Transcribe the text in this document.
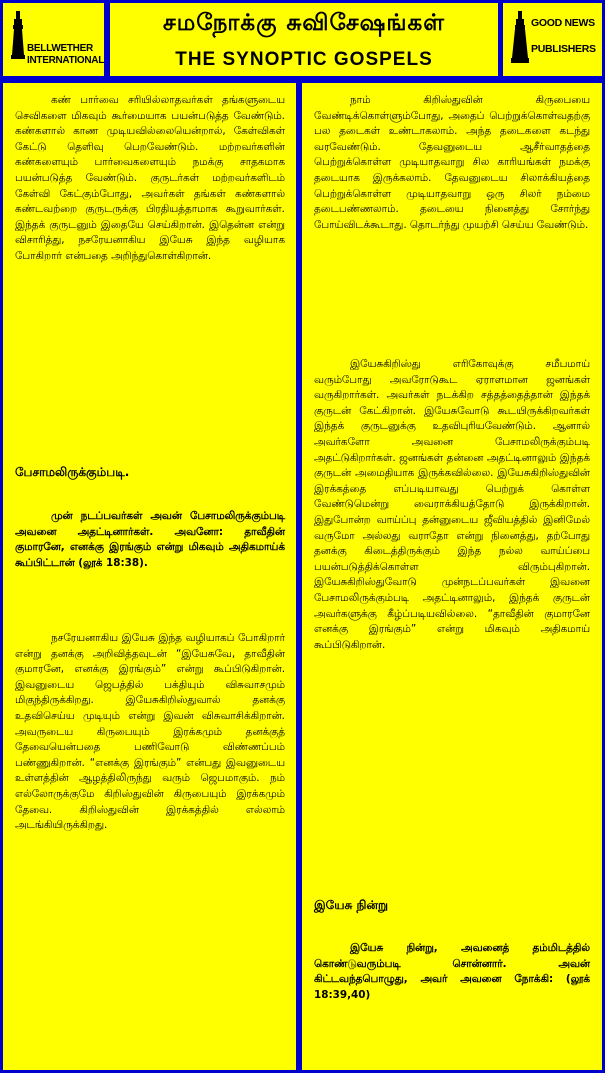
BELLWETHER
INTERNATIONAL
சமநோக்கு சுவிசேஷங்கள்
THE SYNOPTIC GOSPELS
GOOD NEWS
PUBLISHERS

கண் பார்வை சரியில்லாதவர்கள் தங்களுடைய செவிகளை மிகவும் கூர்மையாக பயன்படுத்த வேண்டும். கண்களால் காண முடியவில்லையென்றால், கேள்விகள் கேட்டு தெளிவு பெறவேண்டும். மற்றவர்களின் கண்களையும் பார்வைகளையும் நமக்கு சாதகமாக பயன்படுத்த வேண்டும். குருடர்கள் மற்றவர்களிடம் கேள்வி கேட்கும்போது, அவர்கள் தங்கள் கண்களால் கண்டவற்றை குருடருக்கு பிரதியத்தாமாக கூறுவார்கள். இந்தக் குருடனும் இதையே செய்கிறான். இதென்ன என்று விசாரித்து, நசரேயனாகிய இயேசு இந்த வழியாக போகிறார் என்பதை அறிந்துகொள்கிறான்.

பேசாமலிருக்கும்படி.

முன் நடப்பவர்கள் அவன் பேசாமலிருக்கும்படி அவனை அதட்டினார்கள். அவனோ: தாவீதின் குமாரனே, எனக்கு இரங்கும் என்று மிகவும் அதிகமாய்க் கூப்பிட்டான் (லூக் 18:38).

நசரேயனாகிய இயேசு இந்த வழியாகப் போகிறார் என்று தனக்கு அறிவித்தவுடன் “இயேசுவே, தாவீதின் குமாரனே, எனக்கு இரங்கும்” என்று கூப்பிடுகிறான். இவனுடைய ஜெபத்தில் பக்தியும் விசுவாசமும் மிகுந்திருக்கிறது. இயேசுகிறிஸ்துவால் தனக்கு உதவிசெய்ய முடியும் என்று இவன் விசுவாசிக்கிறான். அவருடைய கிருபையும் இரக்கமும் தனக்குத் தேவையென்பதை பணிவோடு விண்ணப்பம் பண்ணுகிறான். “எனக்கு இரங்கும்” என்பது இவனுடைய உள்ளத்தின் ஆழத்திலிருந்து வரும் ஜெபமாகும். நம் எல்லோருக்குமே கிறிஸ்துவின் கிருபையும் இரக்கமும் தேவை. கிறிஸ்துவின் இரக்கத்தில் எல்லாம் அடங்கியிருக்கிறது.

நாம் கிறிஸ்துவின் கிருபையை வேண்டிக்கொள்ளும்போது, அதைப் பெற்றுக்கொள்வதற்கு பல தடைகள் உண்டாகலாம். அந்த தடைகளை கடந்து வரவேண்டும். தேவனுடைய ஆசீர்வாதத்தை பெற்றுக்கொள்ள முடியாதவாறு சில காரியங்கள் நமக்கு தடையாக இருக்கலாம். தேவனுடைய சிலாக்கியத்தை பெற்றுக்கொள்ள முடியாதவாறு ஒரு சிலர் நம்மை தடைபண்ணலாம். தடையை நினைத்து சோர்ந்து போய்விடக்கூடாது. தொடர்ந்து முயற்சி செய்ய வேண்டும்.

இயேசுகிறிஸ்து எரிகோவுக்கு சமீபமாய் வரும்போது அவரோடுகூட ஏராளமான ஜனங்கள் வருகிறார்கள். அவர்கள் நடக்கிற சத்தத்தைத்தான் இந்தக் குருடன் கேட்கிறான். இயேசுவோடு கூடயிருக்கிறவர்கள் இந்தக் குருடனுக்கு உதவிபுரியவேண்டும். ஆனால் அவர்களோ அவனை பேசாமலிருக்கும்படி அதட்டுகிறார்கள். ஜனங்கள் தன்னை அதட்டினாலும் இந்தக் குருடன் அமைதியாக இருக்கவில்லை. இயேசுகிறிஸ்துவின் இரக்கத்தை எப்படியாவது பெற்றுக் கொள்ள வேண்டுமென்று வைராக்கியத்தோடு இருக்கிறான். இதுபோன்ற வாய்ப்பு தன்னுடைய ஜீவியத்தில் இனிமேல் வருமோ அல்லது வராதோ என்று நினைத்து, தற்போது தனக்கு கிடைத்திருக்கும் இந்த நல்ல வாய்ப்பை பயன்படுத்திக்கொள்ள விரும்புகிறான். இயேசுகிறிஸ்துவோடு முன்நடப்பவர்கள் இவனை பேசாமலிருக்கும்படி அதட்டினாலும், இந்தக் குருடன் அவர்களுக்கு கீழ்ப்படியவில்லை. “தாவீதின் குமாரனே எனக்கு இரங்கும்” என்று மிகவும் அதிகமாய் கூப்பிடுகிறான்.

இயேசு நின்று

இயேசு நின்று, அவனைத் தம்மிடத்தில் கொண்டுவரும்படி சொன்னார். அவன் கிட்டவந்தபொழுது, அவர் அவனை நோக்கி: (லூக் 18:39,40)
